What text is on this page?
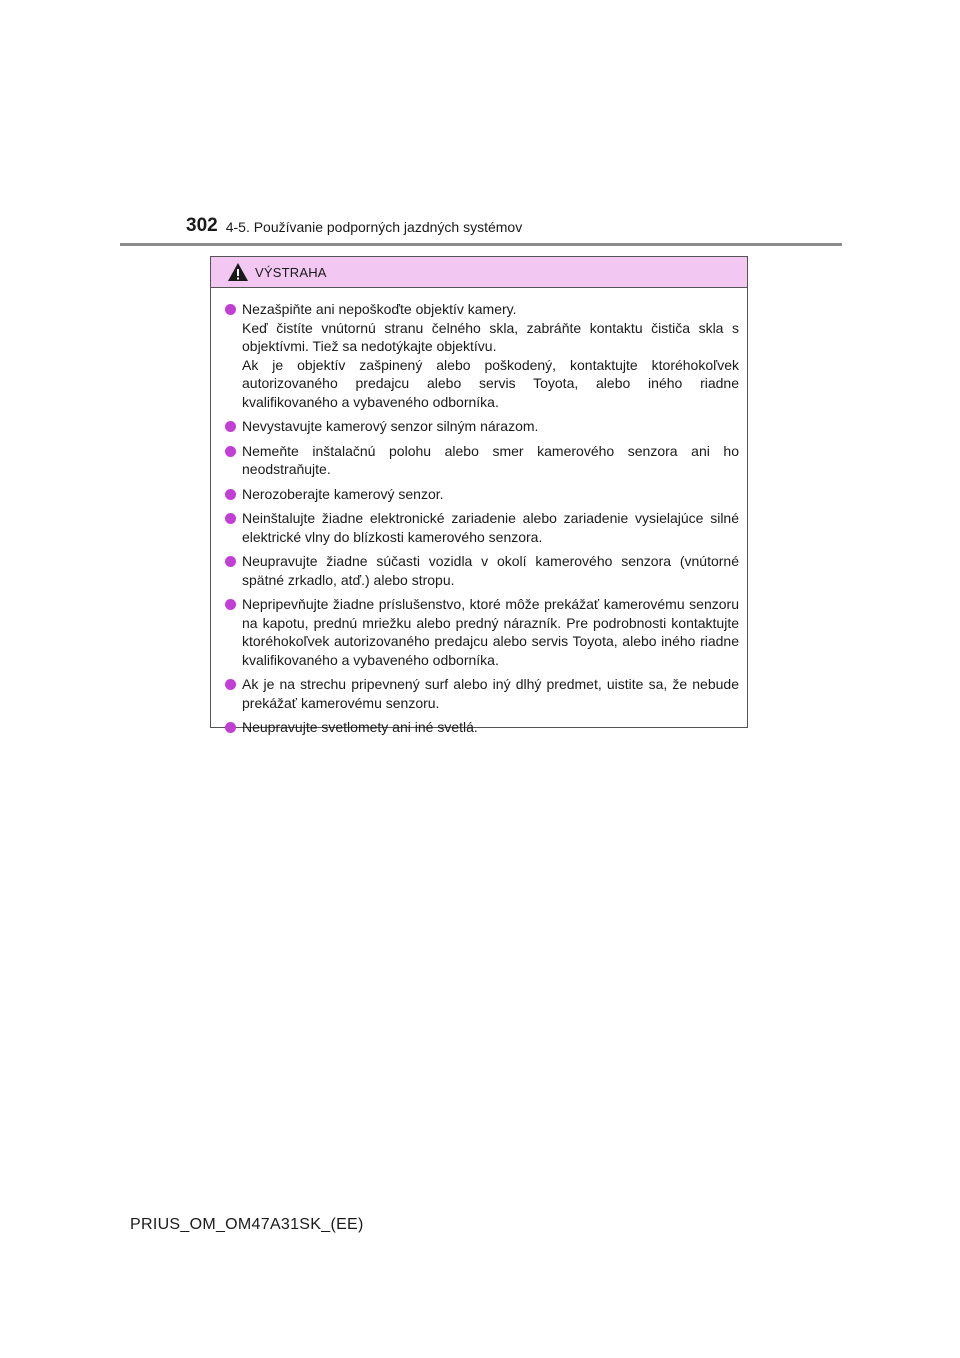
302 4-5. Používanie podporných jazdných systémov
VÝSTRAHA

Nezašpiňte ani nepoškoďte objektív kamery.

Keď čistíte vnútornú stranu čelného skla, zabráňte kontaktu čističa skla s objektívmi. Tiež sa nedotýkajte objektívu.

Ak je objektív zašpinený alebo poškodený, kontaktujte ktoréhokoľvek autorizovaného predajcu alebo servis Toyota, alebo iného riadne kvalifikovaného a vybaveného odborníka.

Nevystavujte kamerový senzor silným nárazom.

Nemeňte inštalačnú polohu alebo smer kamerového senzora ani ho neodstraňujte.

Nerozoberajte kamerový senzor.

Neinštalujte žiadne elektronické zariadenie alebo zariadenie vysielajúce silné elektrické vlny do blízkosti kamerového senzora.

Neupravujte žiadne súčasti vozidla v okolí kamerového senzora (vnútorné spätné zrkadlo, atď.) alebo stropu.

Nepripevňujte žiadne príslušenstvo, ktoré môže prekážať kamerovému senzoru na kapotu, prednú mriežku alebo predný nárazník. Pre podrobnosti kontaktujte ktoréhokoľvek autorizovaného predajcu alebo servis Toyota, alebo iného riadne kvalifikovaného a vybaveného odborníka.

Ak je na strechu pripevnený surf alebo iný dlhý predmet, uistite sa, že nebude prekážať kamerovému senzoru.

Neupravujte svetlomety ani iné svetlá.

PRIUS_OM_OM47A31SK_(EE)
